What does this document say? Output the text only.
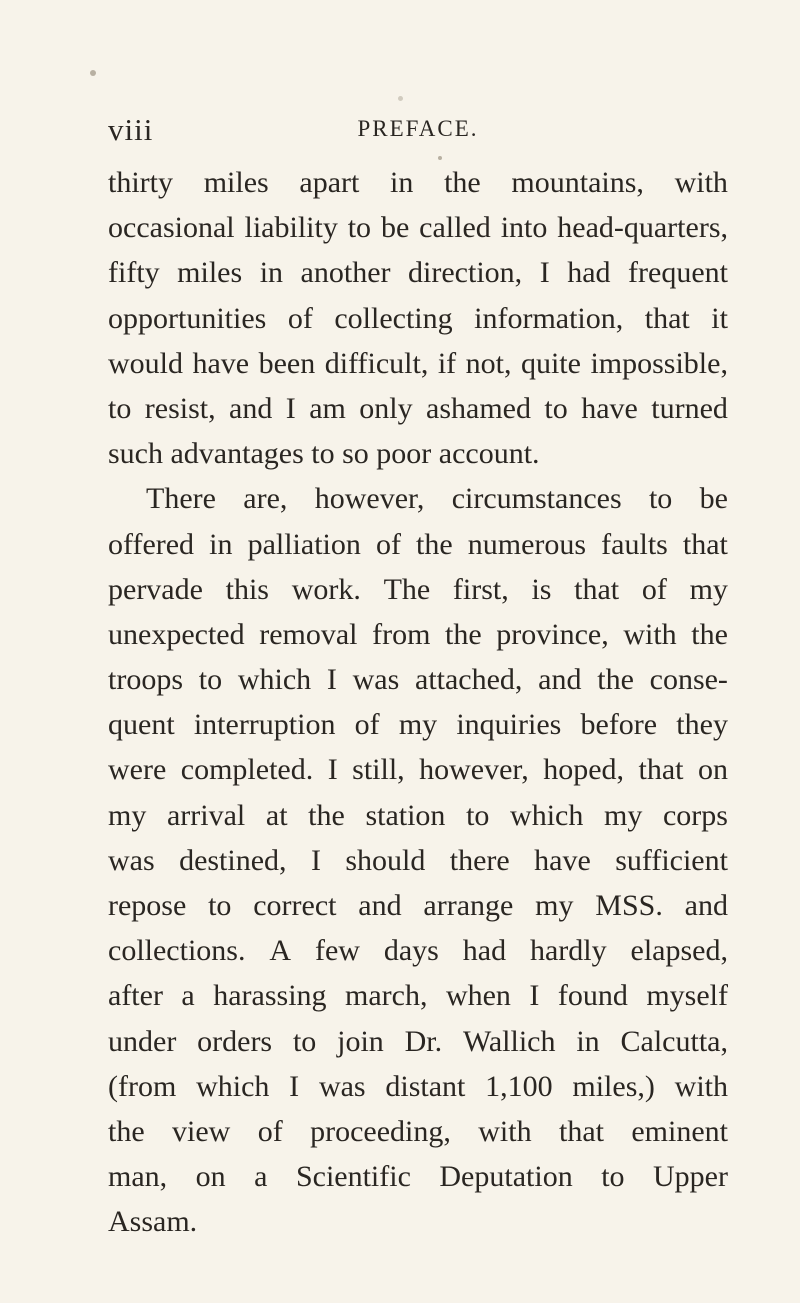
viii	PREFACE.
thirty miles apart in the mountains, with
occasional liability to be called into head-quarters,
fifty miles in another direction, I had frequent
opportunities of collecting information, that it
would have been difficult, if not, quite impossible,
to resist, and I am only ashamed to have turned
such advantages to so poor account.
There are, however, circumstances to be
offered in palliation of the numerous faults that
pervade this work. The first, is that of my
unexpected removal from the province, with the
troops to which I was attached, and the conse-
quent interruption of my inquiries before they
were completed. I still, however, hoped, that on
my arrival at the station to which my corps
was destined, I should there have sufficient
repose to correct and arrange my MSS. and
collections. A few days had hardly elapsed,
after a harassing march, when I found myself
under orders to join Dr. Wallich in Calcutta,
(from which I was distant 1,100 miles,) with
the view of proceeding, with that eminent
man, on a Scientific Deputation to Upper
Assam.
